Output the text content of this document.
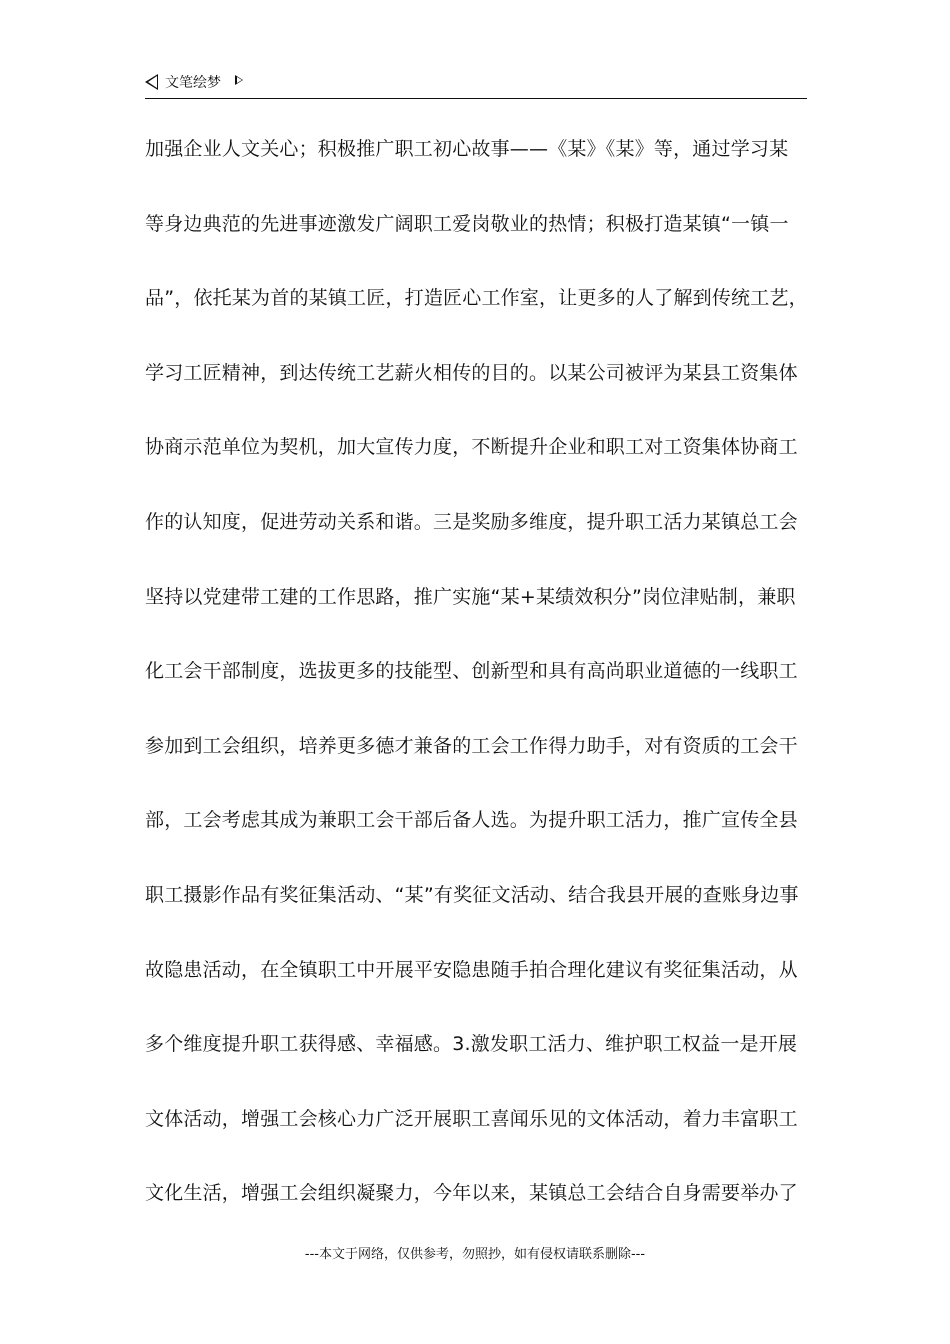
文笔绘梦
加强企业人文关心；积极推广职工初心故事——《某》《某》等，通过学习某
等身边典范的先进事迹激发广阔职工爱岗敬业的热情；积极打造某镇“一镇一
品”，依托某为首的某镇工匠，打造匠心工作室，让更多的人了解到传统工艺，
学习工匠精神，到达传统工艺薪火相传的目的。以某公司被评为某县工资集体
协商示范单位为契机，加大宣传力度，不断提升企业和职工对工资集体协商工
作的认知度，促进劳动关系和谐。三是奖励多维度，提升职工活力某镇总工会
坚持以党建带工建的工作思路，推广实施“某+某绩效积分”岗位津贴制，兼职
化工会干部制度，选拔更多的技能型、创新型和具有高尚职业道德的一线职工
参加到工会组织，培养更多德才兼备的工会工作得力助手，对有资质的工会干
部，工会考虑其成为兼职工会干部后备人选。为提升职工活力，推广宣传全县
职工摄影作品有奖征集活动、“某”有奖征文活动、结合我县开展的查账身边事
故隐患活动，在全镇职工中开展平安隐患随手拍合理化建议有奖征集活动，从
多个维度提升职工获得感、幸福感。3.激发职工活力、维护职工权益一是开展
文体活动，增强工会核心力广泛开展职工喜闻乐见的文体活动，着力丰富职工
文化生活，增强工会组织凝聚力，今年以来，某镇总工会结合自身需要举办了
---本文于网络，仅供参考，勿照抄，如有侵权请联系删除---
